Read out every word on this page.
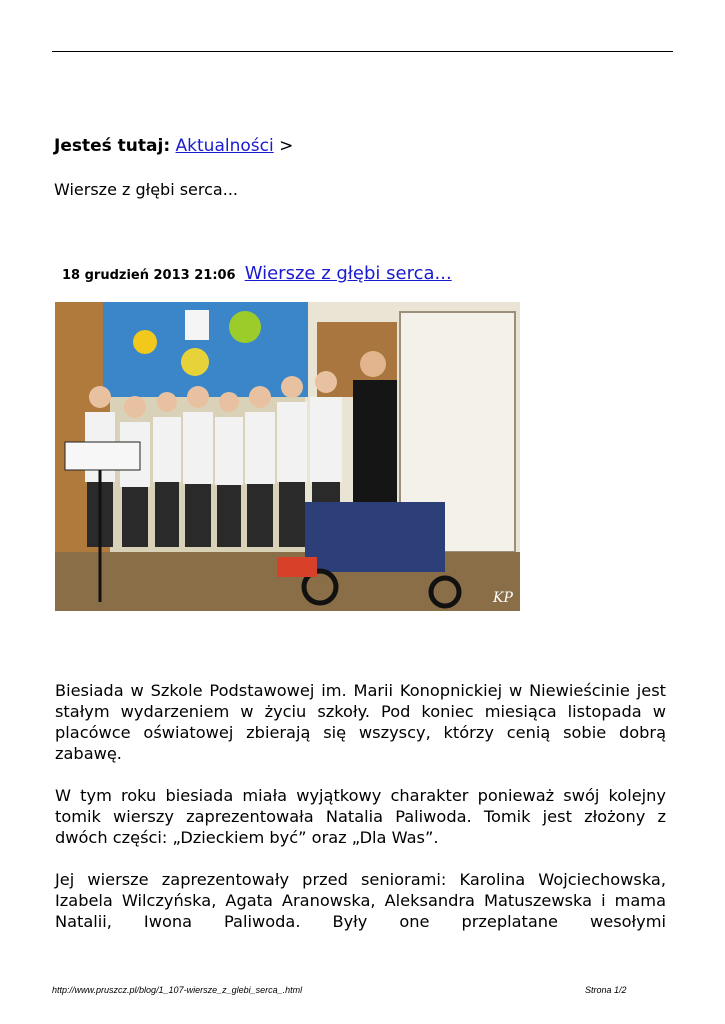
Jesteś tutaj: Aktualności >
Wiersze z głębi serca...
18 grudzień 2013 21:06 Wiersze z głębi serca...
KP

Biesiada w Szkole Podstawowej im. Marii Konopnickiej w Niewieścinie jest stałym wydarzeniem w życiu szkoły. Pod koniec miesiąca listopada w placówce oświatowej zbierają się wszyscy, którzy cenią sobie dobrą zabawę.

W tym roku biesiada miała wyjątkowy charakter ponieważ swój kolejny tomik wierszy zaprezentowała Natalia Paliwoda. Tomik jest złożony z dwóch części: „Dzieckiem być” oraz „Dla Was”.

Jej wiersze zaprezentowały przed seniorami: Karolina Wojciechowska, Izabela Wilczyńska, Agata Aranowska, Aleksandra Matuszewska i mama Natalii, Iwona Paliwoda. Były one przeplatane wesołymi

http://www.pruszcz.pl/blog/1_107-wiersze_z_glebi_serca_.html	Strona 1/2
